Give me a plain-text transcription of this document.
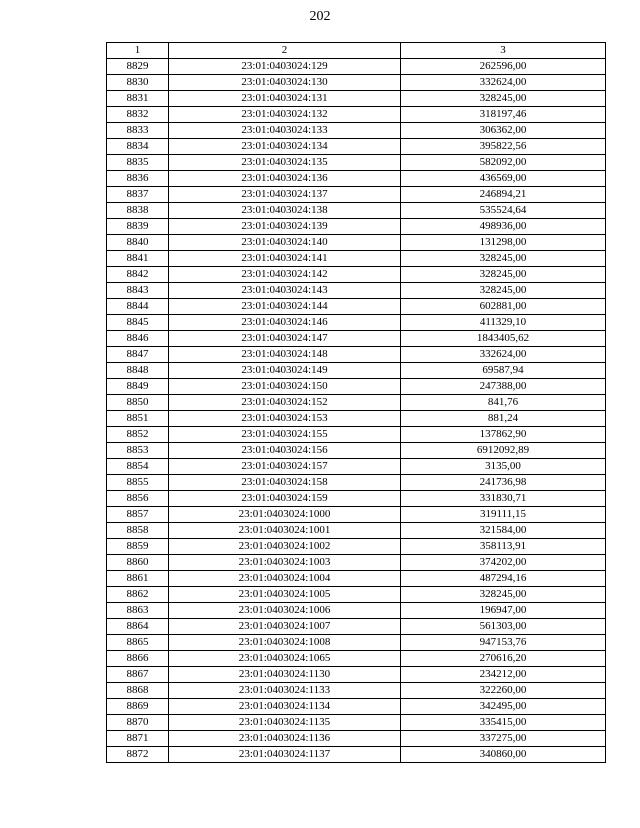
202
1	2	3
8829	23:01:0403024:129	262596,00
8830	23:01:0403024:130	332624,00
8831	23:01:0403024:131	328245,00
8832	23:01:0403024:132	318197,46
8833	23:01:0403024:133	306362,00
8834	23:01:0403024:134	395822,56
8835	23:01:0403024:135	582092,00
8836	23:01:0403024:136	436569,00
8837	23:01:0403024:137	246894,21
8838	23:01:0403024:138	535524,64
8839	23:01:0403024:139	498936,00
8840	23:01:0403024:140	131298,00
8841	23:01:0403024:141	328245,00
8842	23:01:0403024:142	328245,00
8843	23:01:0403024:143	328245,00
8844	23:01:0403024:144	602881,00
8845	23:01:0403024:146	411329,10
8846	23:01:0403024:147	1843405,62
8847	23:01:0403024:148	332624,00
8848	23:01:0403024:149	69587,94
8849	23:01:0403024:150	247388,00
8850	23:01:0403024:152	841,76
8851	23:01:0403024:153	881,24
8852	23:01:0403024:155	137862,90
8853	23:01:0403024:156	6912092,89
8854	23:01:0403024:157	3135,00
8855	23:01:0403024:158	241736,98
8856	23:01:0403024:159	331830,71
8857	23:01:0403024:1000	319111,15
8858	23:01:0403024:1001	321584,00
8859	23:01:0403024:1002	358113,91
8860	23:01:0403024:1003	374202,00
8861	23:01:0403024:1004	487294,16
8862	23:01:0403024:1005	328245,00
8863	23:01:0403024:1006	196947,00
8864	23:01:0403024:1007	561303,00
8865	23:01:0403024:1008	947153,76
8866	23:01:0403024:1065	270616,20
8867	23:01:0403024:1130	234212,00
8868	23:01:0403024:1133	322260,00
8869	23:01:0403024:1134	342495,00
8870	23:01:0403024:1135	335415,00
8871	23:01:0403024:1136	337275,00
8872	23:01:0403024:1137	340860,00
